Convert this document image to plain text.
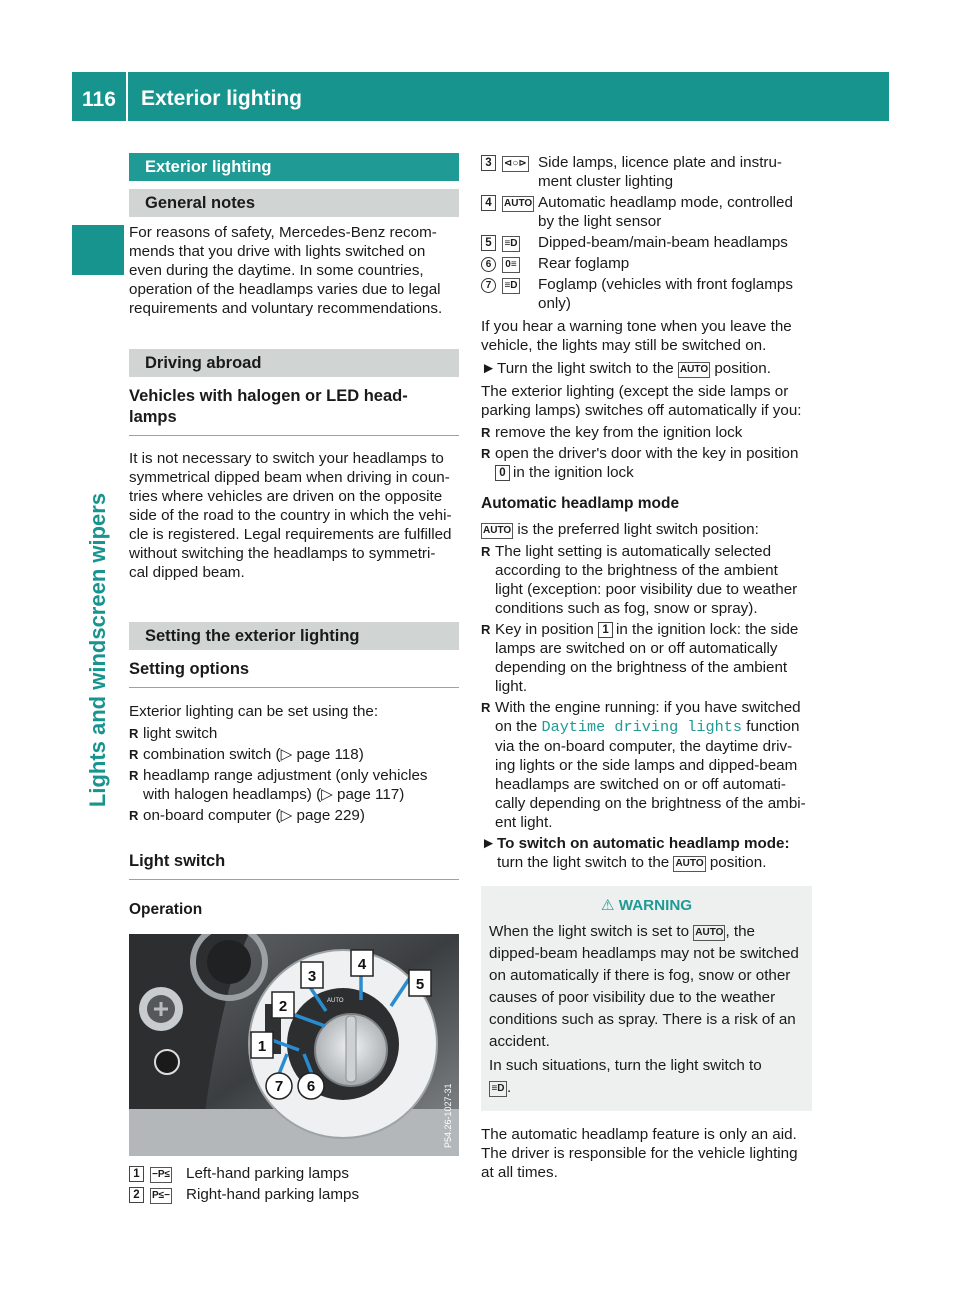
116 Exterior lighting
Lights and windscreen wipers
Exterior lighting
General notes

For reasons of safety, Mercedes-Benz recom-

mends that you drive with lights switched on

even during the daytime. In some countries,

operation of the headlamps varies due to legal

requirements and voluntary recommendations.

Driving abroad
Vehicles with halogen or LED head-
lamps

It is not necessary to switch your headlamps to

symmetrical dipped beam when driving in coun-

tries where vehicles are driven on the opposite

side of the road to the country in which the vehi-

cle is registered. Legal requirements are fulfilled

without switching the headlamps to symmetri-

cal dipped beam.

Setting the exterior lighting
Setting options

Exterior lighting can be set using the:

R light switch
R combination switch (▷ page 118)
R headlamp range adjustment (only vehicles
with halogen headlamps) (▷ page 117)
R on-board computer (▷ page 229)
Light switch
Operation
AUTO
1
2
3
4
5
6
7	P54.26-1027-31
1	−P≤	Left-hand parking lamps
2	P≤−	Right-hand parking lamps
3	⊲○⊳ Side lamps, licence plate and instru-
ment cluster lighting
4	AUTO Automatic headlamp mode, controlled
by the light sensor
5	≡D	Dipped-beam/main-beam headlamps
6	0≡	Rear foglamp
7	≡D	Foglamp (vehicles with front foglamps
only)

If you hear a warning tone when you leave the

vehicle, the lights may still be switched on.

► Turn the light switch to the AUTO position.

The exterior lighting (except the side lamps or

parking lamps) switches off automatically if you:

R remove the key from the ignition lock
R open the driver's door with the key in position
0 in the ignition lock
Automatic headlamp mode

AUTO is the preferred light switch position:

R The light setting is automatically selected
according to the brightness of the ambient
light (exception: poor visibility due to weather
conditions such as fog, snow or spray).
R Key in position 1 in the ignition lock: the side
lamps are switched on or off automatically
depending on the brightness of the ambient
light.
R With the engine running: if you have switched
on the Daytime driving lights function
via the on-board computer, the daytime driv-
ing lights or the side lamps and dipped-beam
headlamps are switched on or off automati-
cally depending on the brightness of the ambi-
ent light.
► To switch on automatic headlamp mode:
turn the light switch to the AUTO position.
⚠ WARNING

When the light switch is set to AUTO , the
dipped-beam headlamps may not be switched
on automatically if there is fog, snow or other
causes of poor visibility due to the weather
conditions such as spray. There is a risk of an
accident.

In such situations, turn the light switch to
≡D .

The automatic headlamp feature is only an aid.

The driver is responsible for the vehicle lighting

at all times.
